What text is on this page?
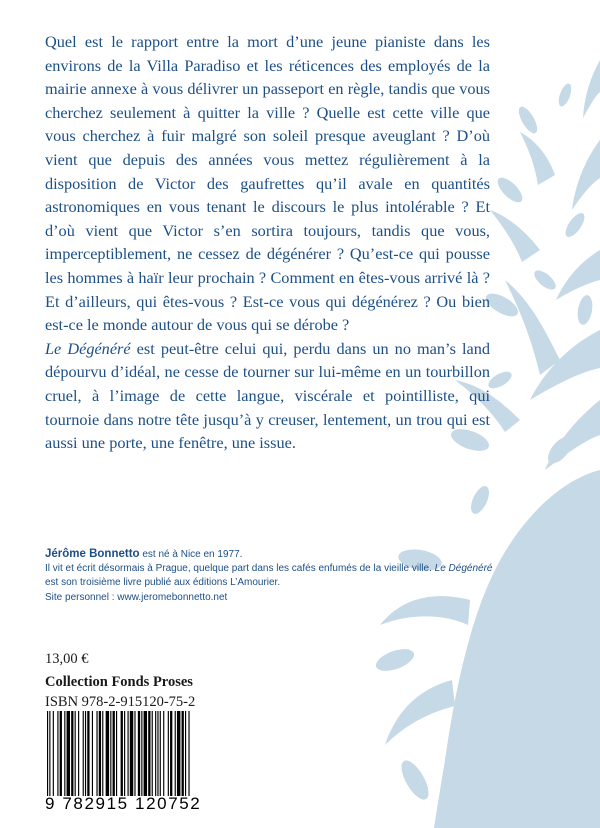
Quel est le rapport entre la mort d’une jeune pianiste dans les environs de la Villa Paradiso et les réticences des employés de la mairie annexe à vous délivrer un passeport en règle, tandis que vous cherchez seulement à quitter la ville ? Quelle est cette ville que vous cherchez à fuir malgré son soleil presque aveuglant ? D’où vient que depuis des années vous mettez régulièrement à la disposition de Victor des gaufrettes qu’il avale en quantités astronomiques en vous tenant le discours le plus intolérable ? Et d’où vient que Victor s’en sortira toujours, tandis que vous, imperceptiblement, ne cessez de dégénérer ? Qu’est-ce qui pousse les hommes à haïr leur prochain ? Comment en êtes-vous arrivé là ? Et d’ailleurs, qui êtes-vous ? Est-ce vous qui dégénérez ? Ou bien est-ce le monde autour de vous qui se dérobe ?

Le Dégénéré est peut-être celui qui, perdu dans un no man’s land dépourvu d’idéal, ne cesse de tourner sur lui-même en un tourbillon cruel, à l’image de cette langue, viscérale et pointilliste, qui tournoie dans notre tête jusqu’à y creuser, lentement, un trou qui est aussi une porte, une fenêtre, une issue.

Jérôme Bonnetto est né à Nice en 1977.
Il vit et écrit désormais à Prague, quelque part dans les cafés enfumés de la vieille ville. Le Dégénéré est son troisième livre publié aux éditions L’Amourier.
Site personnel : www.jeromebonnetto.net
13,00 €
Collection Fonds Proses
ISBN 978-2-915120-75-2
9 782915 120752
